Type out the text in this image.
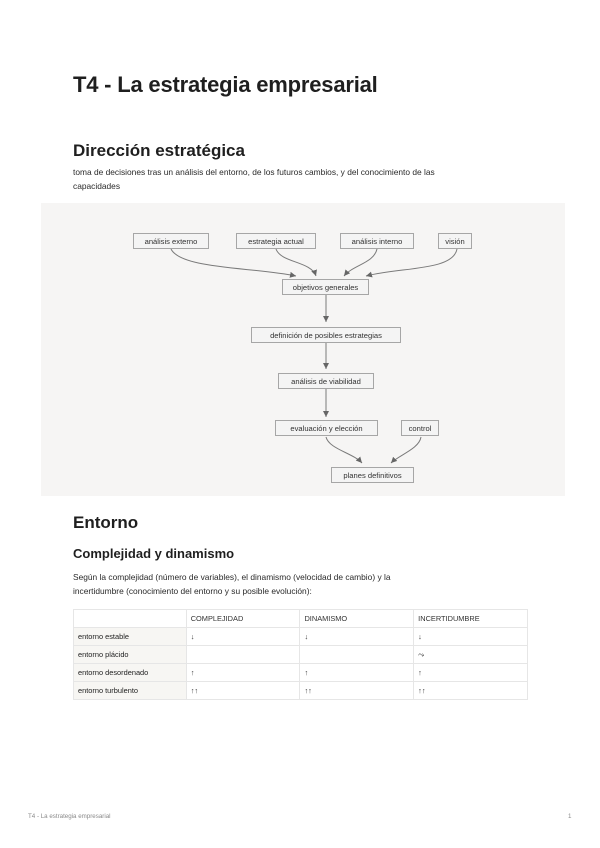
T4 - La estrategia empresarial
Dirección estratégica

toma de decisiones tras un análisis del entorno, de los futuros cambios, y del conocimiento de las
capacidades

análisis externo	estrategia actual	análisis interno	visión
objetivos generales
definición de posibles estrategias
análisis de viabilidad
evaluación y elección	control
planes definitivos
Entorno
Complejidad y dinamismo

Según la complejidad (número de variables), el dinamismo (velocidad de cambio) y la
incertidumbre (conocimiento del entorno y su posible evolución):

	COMPLEJIDAD	DINAMISMO	INCERTIDUMBRE
entorno estable	↓	↓	↓
entorno plácido			⤳
entorno desordenado	↑	↑	↑
entorno turbulento	↑↑	↑↑	↑↑
T4 - La estrategia empresarial	1
